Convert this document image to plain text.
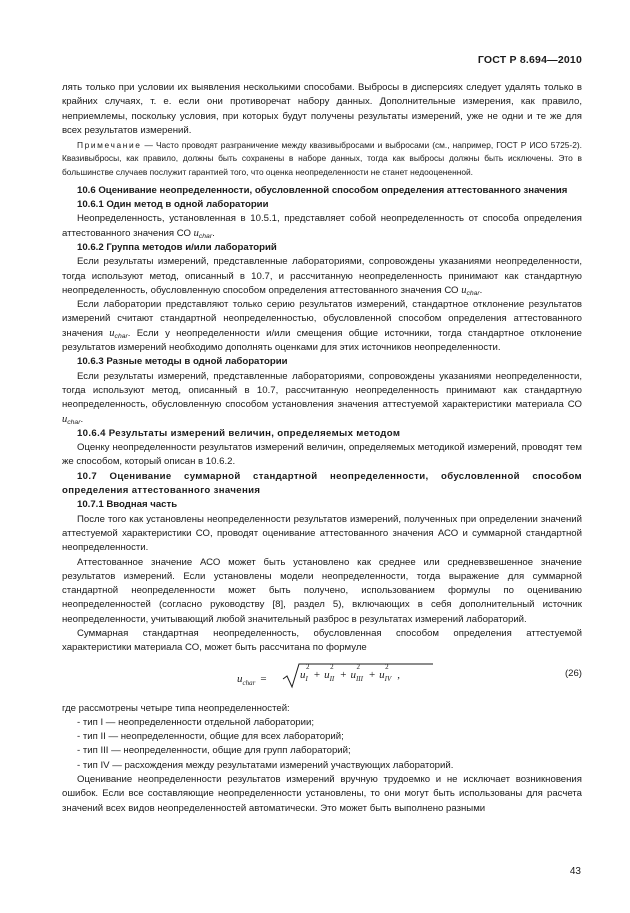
ГОСТ Р 8.694—2010

лять только при условии их выявления несколькими способами. Выбросы в дисперсиях следует удалять только в крайних случаях, т. е. если они противоречат набору данных. Дополнительные измерения, как правило, неприемлемы, поскольку условия, при которых будут получены результаты измерений, уже не одни и те же для всех результатов измерений.

Примечание — Часто проводят разграничение между квазивыбросами и выбросами (см., например, ГОСТ Р ИСО 5725-2). Квазивыбросы, как правило, должны быть сохранены в наборе данных, тогда как выбросы должны быть исключены. Это в большинстве случаев послужит гарантией того, что оценка неопределенности не станет недооцененной.

10.6 Оценивание неопределенности, обусловленной способом определения аттестованного значения
10.6.1 Один метод в одной лаборатории

Неопределенность, установленная в 10.5.1, представляет собой неопределенность от способа определения аттестованного значения СО $u_{char}$.

10.6.2 Группа методов и/или лабораторий

Если результаты измерений, представленные лабораториями, сопровождены указаниями неопределенности, тогда используют метод, описанный в 10.7, и рассчитанную неопределенность принимают как стандартную неопределенность, обусловленную способом определения аттестованного значения СО $u_{char}$.

Если лаборатории представляют только серию результатов измерений, стандартное отклонение результатов измерений считают стандартной неопределенностью, обусловленной способом определения аттестованного значения $u_{char}$. Если у неопределенности и/или смещения общие источники, тогда стандартное отклонение результатов измерений необходимо дополнять оценками для этих источников неопределенности.

10.6.3 Разные методы в одной лаборатории

Если результаты измерений, представленные лабораториями, сопровождены указаниями неопределенности, тогда используют метод, описанный в 10.7, рассчитанную неопределенность принимают как стандартную неопределенность, обусловленную способом установления значения аттестуемой характеристики материала СО $u_{char}$.

10.6.4 Результаты измерений величин, определяемых методом

Оценку неопределенности результатов измерений величин, определяемых методикой измерений, проводят тем же способом, который описан в 10.6.2.

10.7 Оценивание суммарной стандартной неопределенности, обусловленной способом определения аттестованного значения
10.7.1 Вводная часть

После того как установлены неопределенности результатов измерений, полученных при определении значений аттестуемой характеристики СО, проводят оценивание аттестованного значения АСО и суммарной стандартной неопределенности.

Аттестованное значение АСО может быть установлено как среднее или средневзвешенное значение результатов измерений. Если установлены модели неопределенности, тогда выражение для суммарной стандартной неопределенности может быть получено, использованием формулы по оцениванию неопределенностей (согласно руководству [8], раздел 5), включающих в себя дополнительный источник неопределенности, учитывающий любой значительный разброс в результатах измерений лабораторий.

Суммарная стандартная неопределенность, обусловленная способом определения аттестуемой характеристики материала СО, может быть рассчитана по формуле

$u_{char}$ =	u
2
$_I$ + u
2
$_{II}$ + u
2
$_{III}$ + u
2
$_{IV}$ ,	(26)

где рассмотрены четыре типа неопределенностей:

- тип I — неопределенности отдельной лаборатории;

- тип II — неопределенности, общие для всех лабораторий;

- тип III — неопределенности, общие для групп лабораторий;

- тип IV — расхождения между результатами измерений участвующих лабораторий.

Оценивание неопределенности результатов измерений вручную трудоемко и не исключает возникновения ошибок. Если все составляющие неопределенности установлены, то они могут быть использованы для расчета значений всех видов неопределенностей автоматически. Это может быть выполнено разными

43
